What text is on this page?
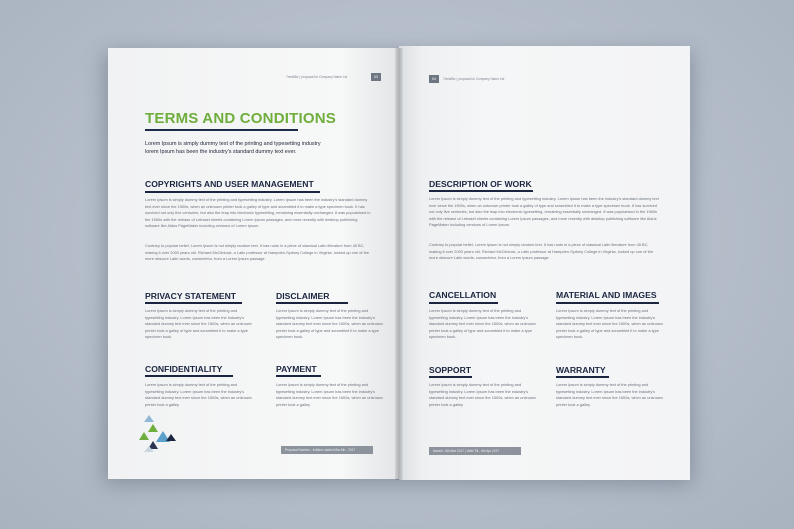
TrendBiz | proposal for Company Name Ltd	03
TERMS AND CONDITIONS
Lorem Ipsum is simply dummy text of the printing and typesetting industry lorem Ipsum has been the industry's standard dummy text ever.
COPYRIGHTS AND USER MANAGEMENT
Lorem Ipsum is simply dummy text of the printing and typesetting industry. Lorem Ipsum has been the industry's standard dummy text ever since the 1500s, when an unknown printer took a galley of type and scrambled it to make a type specimen book. It has survived not only five centuries, but also the leap into electronic typesetting, remaining essentially unchanged. It was popularised in the 1960s with the release of Letraset sheets containing Lorem Ipsum passages, and more recently with desktop publishing software like Aldus PageMaker including versions of Lorem Ipsum.
Contrary to popular belief, Lorem Ipsum is not simply random text. It has roots in a piece of classical Latin literature from 45 BC, making it over 2000 years old. Richard McClintock, a Latin professor at Hampden-Sydney College in Virginia, looked up one of the more obscure Latin words, consectetur, from a Lorem Ipsum passage.
PRIVACY STATEMENT
Lorem Ipsum is simply dummy text of the printing and typesetting industry. Lorem Ipsum has been the industry's standard dummy text ever since the 1500s, when an unknown printer took a galley of type and scrambled it to make a type specimen book.
DISCLAIMER
Lorem Ipsum is simply dummy text of the printing and typesetting industry. Lorem Ipsum has been the industry's standard dummy text ever since the 1500s, when an unknown printer took a galley of type and scrambled it to make a type specimen book.
CONFIDENTIALITY
Lorem Ipsum is simply dummy text of the printing and typesetting industry. Lorem Ipsum has been the industry's standard dummy text ever since the 1500s, when an unknown printer took a galley
PAYMENT
Lorem Ipsum is simply dummy text of the printing and typesetting industry. Lorem Ipsum has been the industry's standard dummy text ever since the 1500s, when an unknown printer took a galley
Proposal Number - 4v8bmx added Mar 6th - 2017
04	TrendBiz | proposal for Company Name Ltd
DESCRIPTION OF WORK
Lorem Ipsum is simply dummy text of the printing and typesetting industry. Lorem Ipsum has been the industry's standard dummy text ever since the 1500s, when an unknown printer took a galley of type and scrambled it to make a type specimen book. It has survived not only five centuries, but also the leap into electronic typesetting, remaining essentially unchanged. It was popularised in the 1960s with the release of Letraset sheets containing Lorem Ipsum passages, and more recently with desktop publishing software like Aldus PageMaker including versions of Lorem Ipsum.
Contrary to popular belief, Lorem Ipsum is not simply random text. It has roots in a piece of classical Latin literature from 45 BC, making it over 2000 years old. Richard McClintock, a Latin professor at Hampden-Sydney College in Virginia, looked up one of the more obscure Latin words, consectetur, from a Lorem Ipsum passage.
CANCELLATION
Lorem Ipsum is simply dummy text of the printing and typesetting industry. Lorem Ipsum has been the industry's standard dummy text ever since the 1500s, when an unknown printer took a galley of type and scrambled it to make a type specimen book.
MATERIAL AND IMAGES
Lorem Ipsum is simply dummy text of the printing and typesetting industry. Lorem Ipsum has been the industry's standard dummy text ever since the 1500s, when an unknown printer took a galley of type and scrambled it to make a type specimen book.
SOPPORT
Lorem Ipsum is simply dummy text of the printing and typesetting industry. Lorem Ipsum has been the industry's standard dummy text ever since the 1500s, when an unknown printer took a galley
WARRANTY
Lorem Ipsum is simply dummy text of the printing and typesetting industry. Lorem Ipsum has been the industry's standard dummy text ever since the 1500s, when an unknown printer took a galley
Issued - 6th Mar 2017 | Valid Till - 6th Apr 2017
